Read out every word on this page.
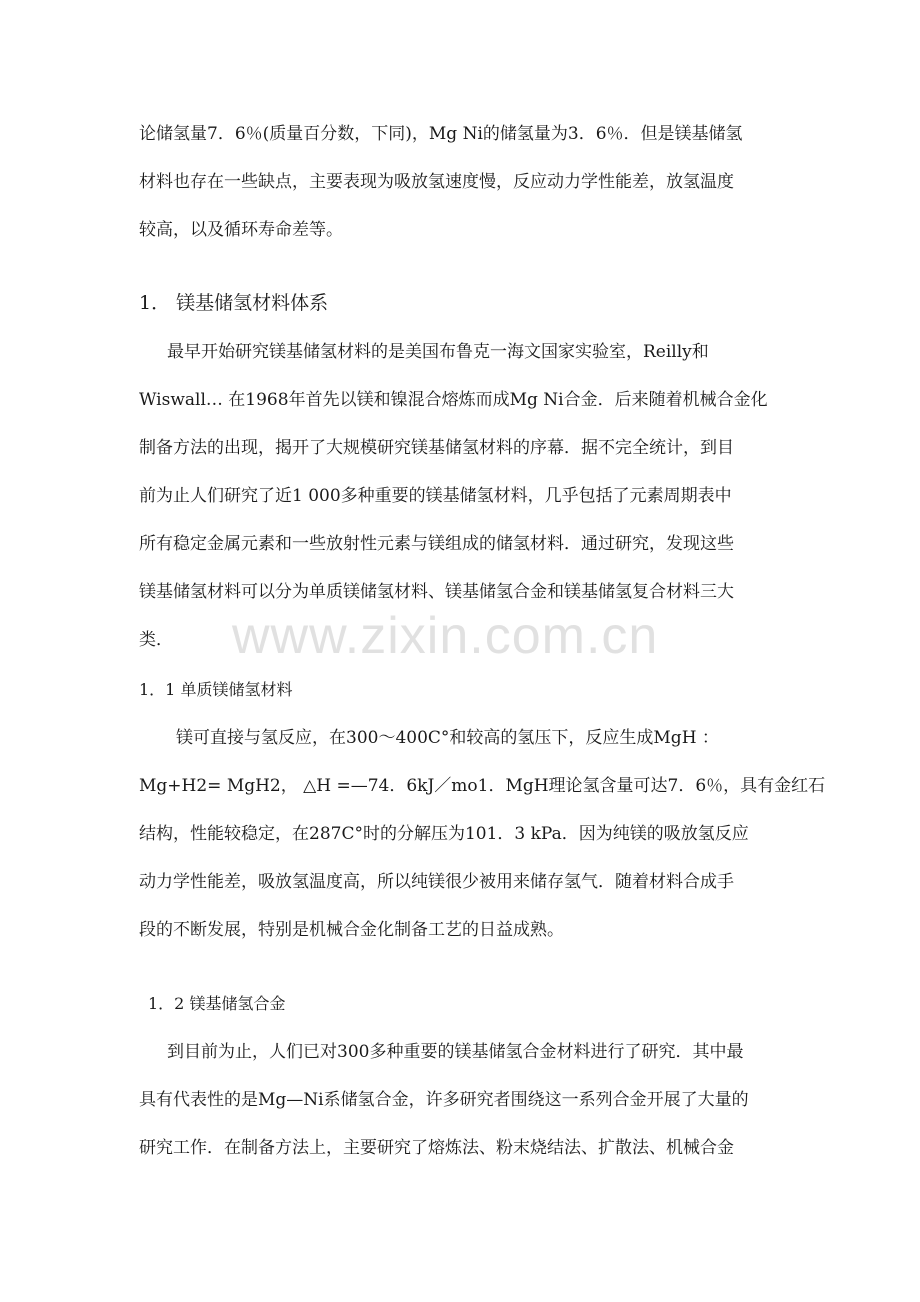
论储氢量7．6％(质量百分数，下同)，Mg Ni的储氢量为3．6％．但是镁基储氢
材料也存在一些缺点，主要表现为吸放氢速度慢，反应动力学性能差，放氢温度
较高，以及循环寿命差等。
1． 镁基储氢材料体系
最早开始研究镁基储氢材料的是美国布鲁克一海文国家实验室，Reilly和
Wiswall… 在1968年首先以镁和镍混合熔炼而成Mg Ni合金．后来随着机械合金化
制备方法的出现，揭开了大规模研究镁基储氢材料的序幕．据不完全统计，到目
前为止人们研究了近1 000多种重要的镁基储氢材料，几乎包括了元素周期表中
所有稳定金属元素和一些放射性元素与镁组成的储氢材料．通过研究，发现这些
镁基储氢材料可以分为单质镁储氢材料、镁基储氢合金和镁基储氢复合材料三大
类． www.zixin.com.cn
1．1 单质镁储氢材料
镁可直接与氢反应，在300～400C°和较高的氢压下，反应生成MgH ：
Mg+H2= MgH2， △H =—74．6kJ／mo1．MgH理论氢含量可达7．6％，具有金红石
结构，性能较稳定，在287C°时的分解压为101．3 kPa．因为纯镁的吸放氢反应
动力学性能差，吸放氢温度高，所以纯镁很少被用来储存氢气．随着材料合成手
段的不断发展，特别是机械合金化制备工艺的日益成熟。
1．2 镁基储氢合金
到目前为止，人们已对300多种重要的镁基储氢合金材料进行了研究．其中最
具有代表性的是Mg—Ni系储氢合金，许多研究者围绕这一系列合金开展了大量的
研究工作．在制备方法上，主要研究了熔炼法、粉末烧结法、扩散法、机械合金
